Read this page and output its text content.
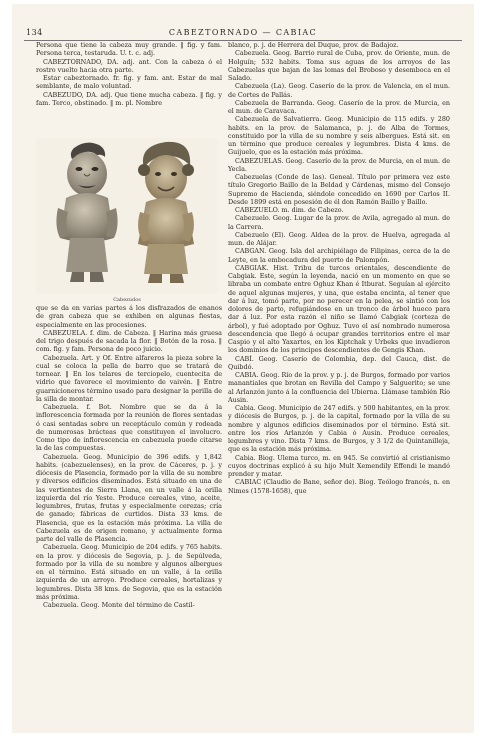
134	CABEZTORNADO — CABIAC

Persona que tiene la cabeza muy grande. ‖ fig. y fam. Persona terca, testaruda. U. t. c. adj.

CABEZTORNADO, DA. adj. ant. Con la cabeza ó el rostro vuelto hacia otra parte.

Estar cabeztornado. fr. fig. y fam. ant. Estar de mal semblante, de malo voluntad.

CABEZUDO, DA. adj. Que tiene mucha cabeza. ‖ fig. y fam. Terco, obstinado. ‖ m. pl. Nombre

Cabezudos

que se da en varias partes á los disfrazados de enanos de gran cabeza que se exhiben en algunas fiestas, especialmente en las procesiones.

CABEZUELA. f. dim. de Cabeza. ‖ Harina más gruesa del trigo después de sacada la flor. ‖ Botón de la rosa. ‖ com. fig. y fam. Persona de poco juicio.

Cabezuela. Art. y Of. Entre alfareros la pieza sobre la cual se coloca la pella de barro que se tratará de tornear. ‖ En los telares de terciopelo, cuentecita de vidrio que favorece el movimiento de vaivén. ‖ Entre guarnicioneros término usado para designar la perilla de la silla de montar.

Cabezuela. f. Bot. Nombre que se da á la inflorescencia formada por la reunión de flores sentadas ó casi sentadas sobre un receptáculo común y rodeada de numerosas brácteas que constituyen el involucro. Como tipo de inflorescencia en cabezuela puede citarse la de las compuestas.

Cabezuela. Geog. Municipio de 396 edifs. y 1,842 habits. (cabezuelenses), en la prov. de Cáceres, p. j. y diócesis de Plasencia, formado por la villa de su nombre y diversos edificios diseminados. Está situado en una de las vertientes de Sierra Llana, en un valle á la orilla izquierda del río Yeste. Produce cereales, vino, aceite, legumbres, frutas, frutas y especialmente cerezas; cría de ganado; fábricas de curtidos. Dista 33 kms. de Plasencia, que es la estación más próxima. La villa de Cabezuela es de origen romano, y actualmente forma parte del valle de Plasencia.

Cabezuela. Geog. Municipio de 204 edifs. y 765 habits. en la prov. y diócesis de Segovia, p. j. de Sepúlveda, formado por la villa de su nombre y algunos albergues en el término. Está situado en un valle, á la orilla izquierda de un arroyo. Produce cereales, hortalizas y legumbres. Dista 38 kms. de Segovia, que es la estación más próxima.

Cabezuela. Geog. Monte del término de Castil-

blanco, p. j. de Herrera del Duque, prov. de Badajoz.

Cabezuela. Geog. Barrio rural de Cuba, prov. de Oriente, mun. de Holguín; 532 habits. Toma sus aguas de los arroyos de las Cabezuelas que bajan de las lomas del Broboso y desemboca en el Salado.

Cabezuela (La). Geog. Caserío de la prov. de Valencia, en el mun. de Cortes de Pallás.

Cabezuela de Barranda. Geog. Caserío de la prov. de Murcia, en el mun. de Caravaca.

Cabezuela de Salvatierra. Geog. Municipio de 115 edifs. y 280 habits. en la prov. de Salamanca, p. j. de Alba de Tormes, constituido por la villa de su nombre y seis albergues. Está sit. en un término que produce cereales y legumbres. Dista 4 kms. de Guijuelo, que es la estación más próxima.

CABEZUELAS. Geog. Caserío de la prov. de Murcia, en el mun. de Yecla.

Cabezuelas (Conde de las). Geneal. Título por primera vez este título Gregorio Baillo de la Beldad y Cárdenas, mismo del Consejo Supremo de Hacienda, siéndole concedido en 1690 por Carlos II. Desde 1899 está en posesión de él don Ramón Baillo y Baillo.

CABEZUELO. m. dim. de Cabezo.

Cabezuelo. Geog. Lugar de la prov. de Avila, agregado al mun. de la Carrera.

Cabezuelo (El). Geog. Aldea de la prov. de Huelva, agregada al mun. de Alájar.

CABGAN. Geog. Isla del archipiélago de Filipinas, cerca de la de Leyte, en la embocadura del puerto de Palompón.

CABGIAK. Hist. Tribu de turcos orientales, descendiente de Cabgiak. Este, según la leyenda, nació en un momento en que se libraba un combate entre Oghuz Khan é Itburat. Seguían al ejército de aquel algunas mujeres, y una, que estaba encinta, al tener que dar á luz, tomó parte, por no perecer en la pelea, se sintió con los dolores de parto, refugiándose en un tronco de árbol hueco para dar á luz. Por esta razón el niño se llamó Cabgiak (corteza de árbol), y fué adoptado por Oghuz. Tuvo el así nombrado numerosa descendencia que llegó á ocupar grandes territorios entre el mar Caspio y el alto Yaxartes, en los Kiptchak y Urbeks que invadieron los dominios de los principes descendientes de Gengis Khan.

CABÍ. Geog. Caserío de Colombia, dep. del Cauca, dist. de Quibdó.

CABIA. Geog. Río de la prov. y p. j. de Burgos, formado por varios manantiales que brotan en Revilla del Campo y Salguerito; se une al Arlanzón junto á la confluencia del Ubierna. Llámase también Río Ausin.

Cabia. Geog. Municipio de 247 edifs. y 500 habitantes, en la prov. y diócesis de Burgos, p. j. de la capital, formado por la villa de su nombre y algunos edificios diseminados por el término. Está sit. entre los ríos Arlanzón y Cabia ó Ausin. Produce cereales, legumbres y vino. Dista 7 kms. de Burgos, y 3 1/2 de Quintanilleja, que es la estación más próxima.

Cabia. Biog. Ulema turco, m. en 945. Se convirtió al cristianismo cuyos doctrinas explicó á su hijo Mult Xemendily Effendi le mandó prender y matar.

CABIAC (Claudio de Bane, señor de). Biog. Teólogo francés, n. en Nimes (1578-1658), que
